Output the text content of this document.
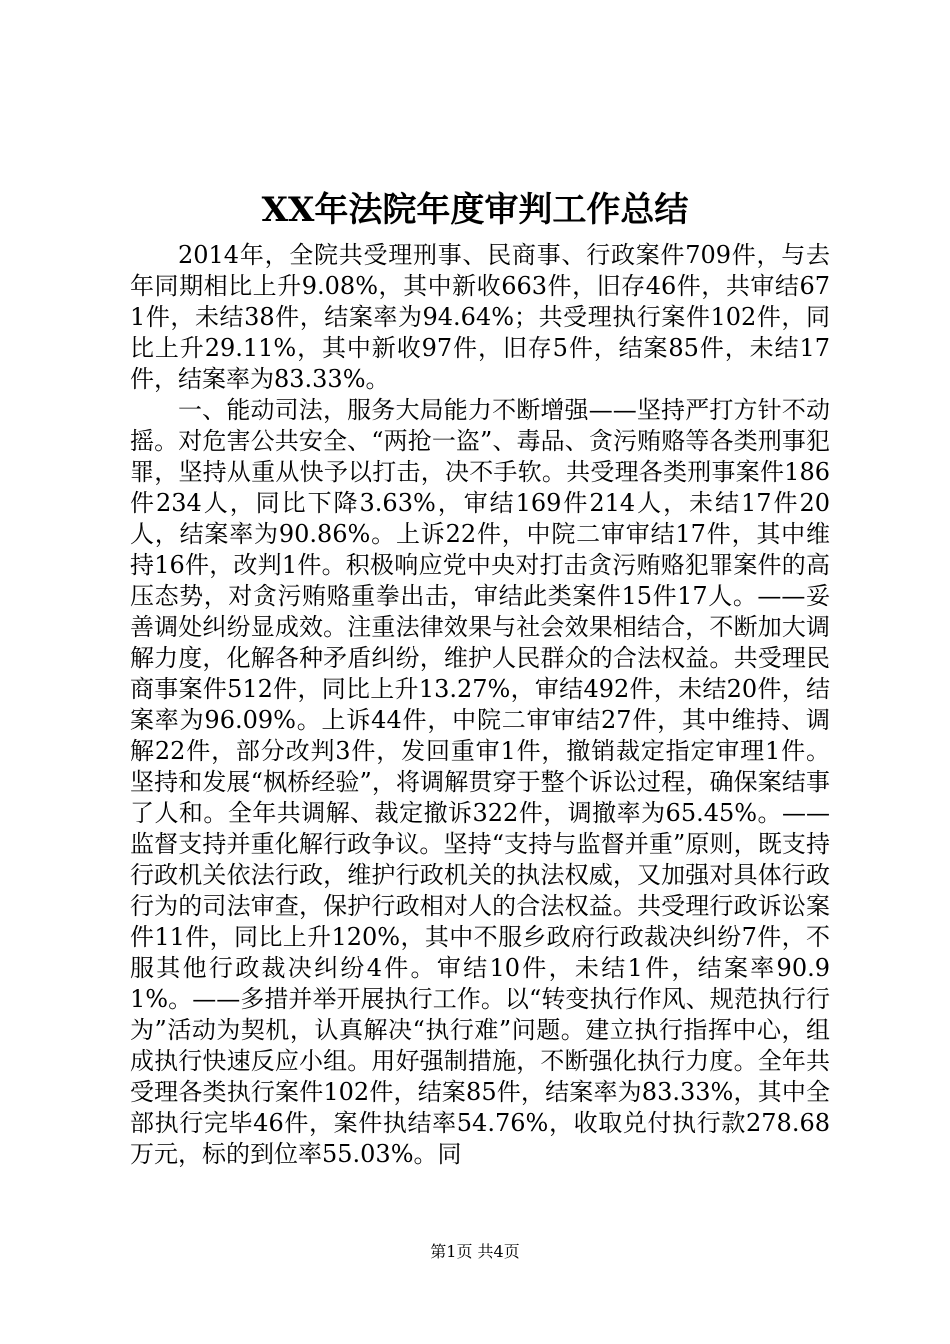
XX年法院年度审判工作总结

2014年，全院共受理刑事、民商事、行政案件709件，与去年同期相比上升9.08%，其中新收663件，旧存46件，共审结671件，未结38件，结案率为94.64%；共受理执行案件102件，同比上升29.11%，其中新收97件，旧存5件，结案85件，未结17件，结案率为83.33%。

一、能动司法，服务大局能力不断增强——坚持严打方针不动摇。对危害公共安全、“两抢一盗”、毒品、贪污贿赂等各类刑事犯罪，坚持从重从快予以打击，决不手软。共受理各类刑事案件186件234人，同比下降3.63%，审结169件214人，未结17件20人，结案率为90.86%。上诉22件，中院二审审结17件，其中维持16件，改判1件。积极响应党中央对打击贪污贿赂犯罪案件的高压态势，对贪污贿赂重拳出击，审结此类案件15件17人。——妥善调处纠纷显成效。注重法律效果与社会效果相结合，不断加大调解力度，化解各种矛盾纠纷，维护人民群众的合法权益。共受理民商事案件512件，同比上升13.27%，审结492件，未结20件，结案率为96.09%。上诉44件，中院二审审结27件，其中维持、调解22件，部分改判3件，发回重审1件，撤销裁定指定审理1件。坚持和发展“枫桥经验”，将调解贯穿于整个诉讼过程，确保案结事了人和。全年共调解、裁定撤诉322件，调撤率为65.45%。——监督支持并重化解行政争议。坚持“支持与监督并重”原则，既支持行政机关依法行政，维护行政机关的执法权威，又加强对具体行政行为的司法审查，保护行政相对人的合法权益。共受理行政诉讼案件11件，同比上升120%，其中不服乡政府行政裁决纠纷7件，不服其他行政裁决纠纷4件。审结10件，未结1件，结案率90.91%。——多措并举开展执行工作。以“转变执行作风、规范执行行为”活动为契机，认真解决“执行难”问题。建立执行指挥中心，组成执行快速反应小组。用好强制措施，不断强化执行力度。全年共受理各类执行案件102件，结案85件，结案率为83.33%，其中全部执行完毕46件，案件执结率54.76%，收取兑付执行款278.68万元，标的到位率55.03%。同

第1页 共4页
